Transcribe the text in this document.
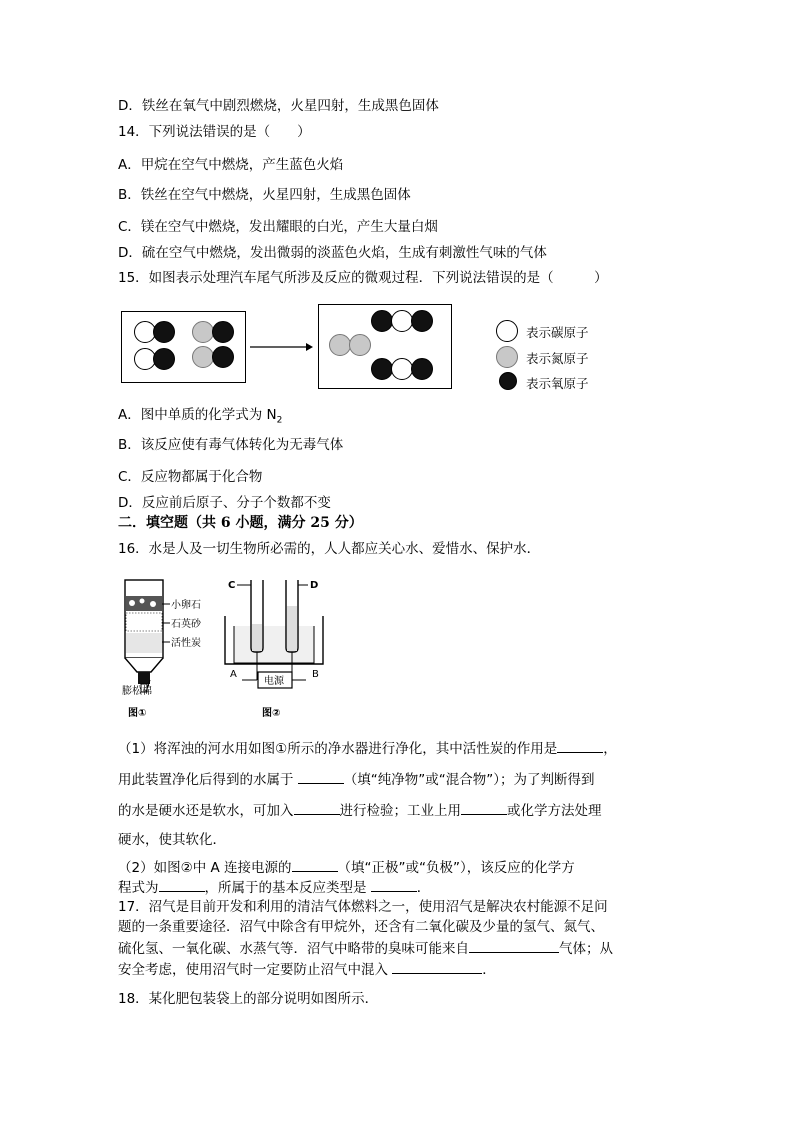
D．铁丝在氧气中剧烈燃烧，火星四射，生成黑色固体
14．下列说法错误的是（　　）
A．甲烷在空气中燃烧，产生蓝色火焰
B．铁丝在空气中燃烧，火星四射，生成黑色固体
C．镁在空气中燃烧，发出耀眼的白光，产生大量白烟
D．硫在空气中燃烧，发出微弱的淡蓝色火焰，生成有刺激性气味的气体
15．如图表示处理汽车尾气所涉及反应的微观过程．下列说法错误的是（　　　）
表示碳原子
表示氮原子
表示氧原子
A．图中单质的化学式为 $N_2$
B．该反应使有毒气体转化为无毒气体
C．反应物都属于化合物
D．反应前后原子、分子个数都不变
二．填空题（共 6 小题，满分 25 分）
16．水是人及一切生物所必需的，人人都应关心水、爱惜水、保护水．
小卵石
石英砂
活性炭
膨松棉
图①
C	D
A	B
电源
图②
（1）将浑浊的河水用如图①所示的净水器进行净化，其中活性炭的作用是	，
用此装置净化后得到的水属于	（填“纯净物”或“混合物”）；为了判断得到
的水是硬水还是软水，可加入	进行检验；工业上用	或化学方法处理
硬水，使其软化．
（2）如图②中 A 连接电源的	（填“正极”或“负极”），该反应的化学方
程式为	，所属于的基本反应类型是	．
17．沼气是目前开发和利用的清洁气体燃料之一，使用沼气是解决农村能源不足问
题的一条重要途径．沼气中除含有甲烷外，还含有二氧化碳及少量的氢气、氮气、
硫化氢、一氧化碳、水蒸气等．沼气中略带的臭味可能来自	气体；从
安全考虑，使用沼气时一定要防止沼气中混入	．
18．某化肥包装袋上的部分说明如图所示．
